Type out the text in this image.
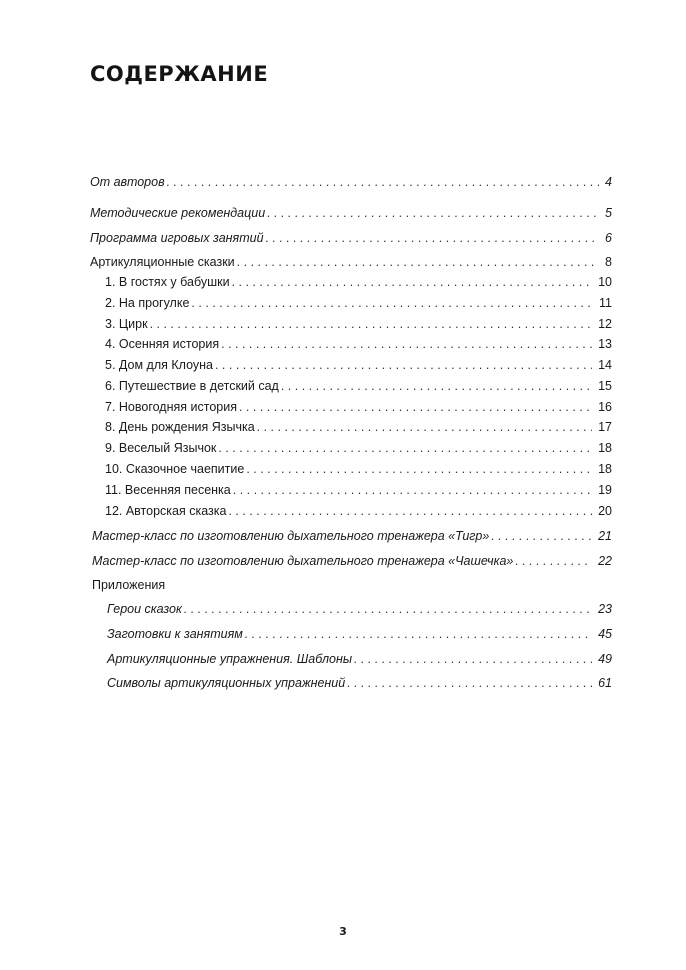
СОДЕРЖАНИЕ
От авторов . . .	4
Методические рекомендации . . .	5
Программа игровых занятий . . .	6
Артикуляционные сказки . . .	8
1. В гостях у бабушки . . .	10
2. На прогулке . . .	11
3. Цирк . . .	12
4. Осенняя история . . .	13
5. Дом для Клоуна . . .	14
6. Путешествие в детский сад . . .	15
7. Новогодняя история . . .	16
8. День рождения Язычка . . .	17
9. Веселый Язычок . . .	18
10. Сказочное чаепитие . . .	18
11. Весенняя песенка . . .	19
12. Авторская сказка . . .	20
Мастер-класс по изготовлению дыхательного тренажера «Тигр» . . .	21
Мастер-класс по изготовлению дыхательного тренажера «Чашечка» . . .	22
Приложения
Герои сказок . . .	23
Заготовки к занятиям . . .	45
Артикуляционные упражнения. Шаблоны . . .	49
Символы артикуляционных упражнений . . .	61
3
